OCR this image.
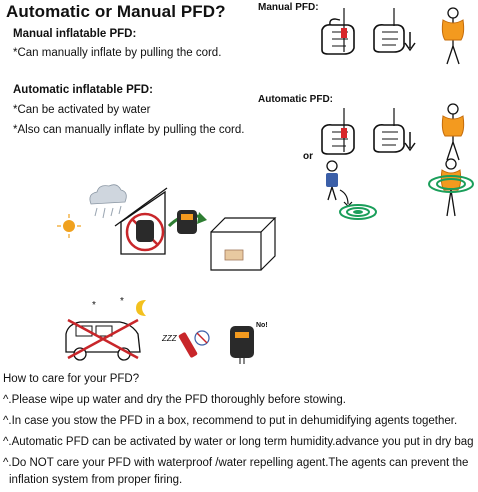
Automatic or Manual PFD?
Manual inflatable PFD:
*Can manually inflate by pulling the cord.
Automatic inflatable PFD:
*Can be activated by water
*Also can manually inflate by pulling the cord.
Manual PFD:
Automatic PFD:
or
* *
ZZZ
No!
How to care for your PFD?
^.Please wipe up water and dry the PFD thoroughly before stowing.
^.In case you stow the PFD in a box, recommend to put in dehumidifying agents together.
^.Automatic PFD can be activated by water or long term humidity.advance you put in dry bag
^.Do NOT care your PFD with waterproof /water repelling agent.The agents can prevent the
inflation system from proper firing.
